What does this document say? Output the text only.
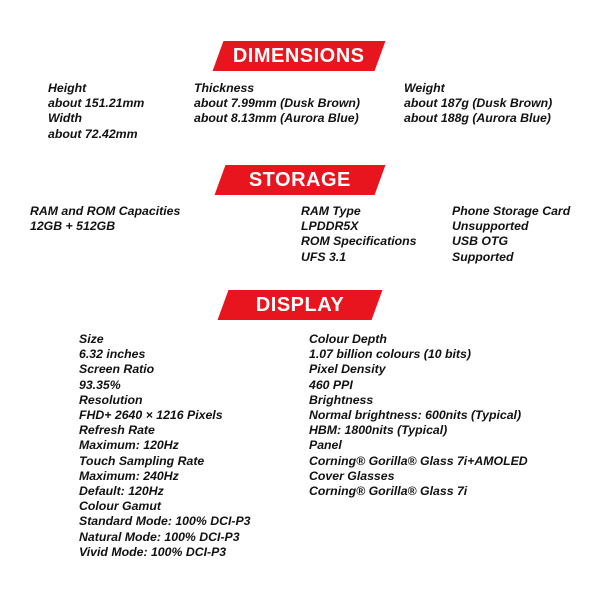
DIMENSIONS
Height
about 151.21mm
Width
about 72.42mm
Thickness
about 7.99mm (Dusk Brown)
about 8.13mm (Aurora Blue)
Weight
about 187g (Dusk Brown)
about 188g (Aurora Blue)
STORAGE
RAM and ROM Capacities
12GB + 512GB
RAM Type
LPDDR5X
ROM Specifications
UFS 3.1
Phone Storage Card
Unsupported
USB OTG
Supported
DISPLAY
Size
6.32 inches
Screen Ratio
93.35%
Resolution
FHD+ 2640 × 1216 Pixels
Refresh Rate
Maximum: 120Hz
Touch Sampling Rate
Maximum: 240Hz
Default: 120Hz
Colour Gamut
Standard Mode: 100% DCI-P3
Natural Mode: 100% DCI-P3
Vivid Mode: 100% DCI-P3
Colour Depth
1.07 billion colours (10 bits)
Pixel Density
460 PPI
Brightness
Normal brightness: 600nits (Typical)
HBM: 1800nits (Typical)
Panel
Corning® Gorilla® Glass 7i+AMOLED
Cover Glasses
Corning® Gorilla® Glass 7i
